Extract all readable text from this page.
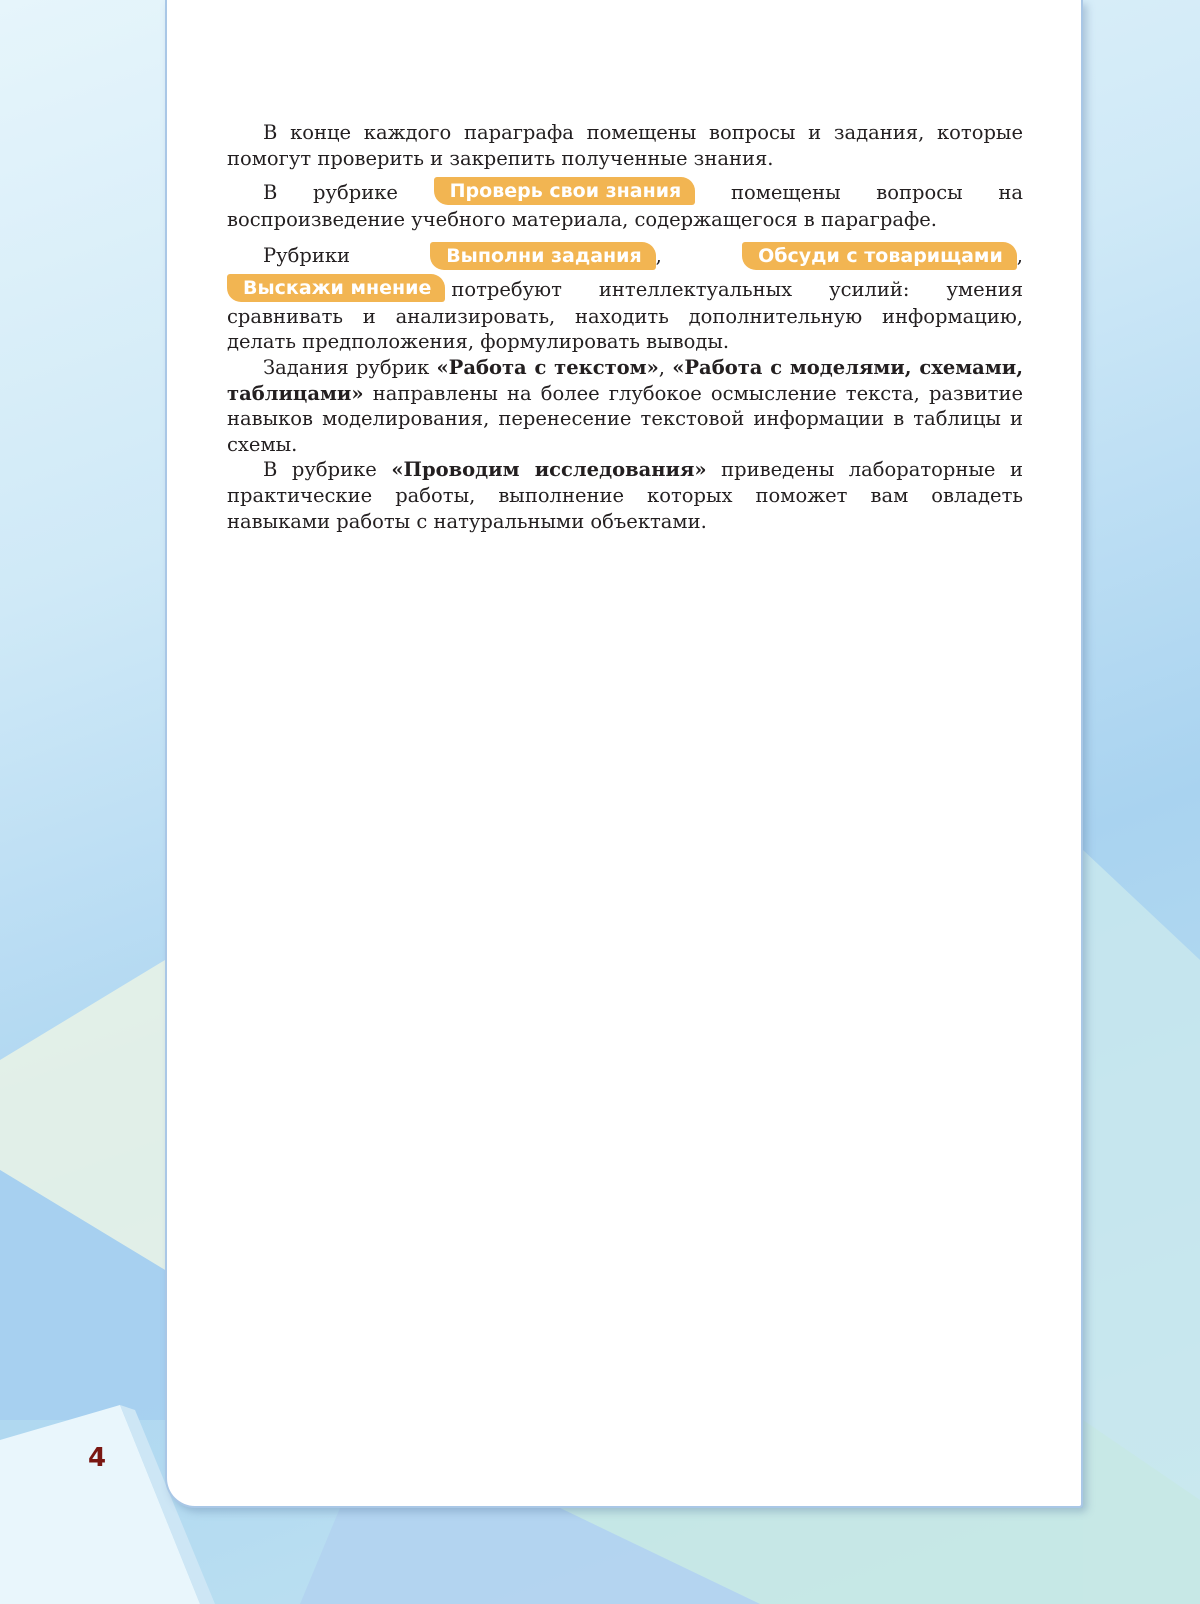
В конце каждого параграфа помещены вопросы и задания, которые помогут проверить и закрепить полученные знания.

В рубрике Проверь свои знания помещены вопросы на воспроизведение учебного материала, содержащегося в параграфе.

Рубрики	Выполни задания ,	Обсуди с товарищами ,

Выскажи мнение потребуют интеллектуальных усилий: умения сравнивать и анализировать, находить дополнительную информацию, делать предположения, формулировать выводы.

Задания рубрик «Работа с текстом», «Работа с моделями, схемами, таблицами» направлены на более глубокое осмысление текста, развитие навыков моделирования, перенесение текстовой информации в таблицы и схемы.

В рубрике «Проводим исследования» приведены лабораторные и практические работы, выполнение которых поможет вам овладеть навыками работы с натуральными объектами.

4
